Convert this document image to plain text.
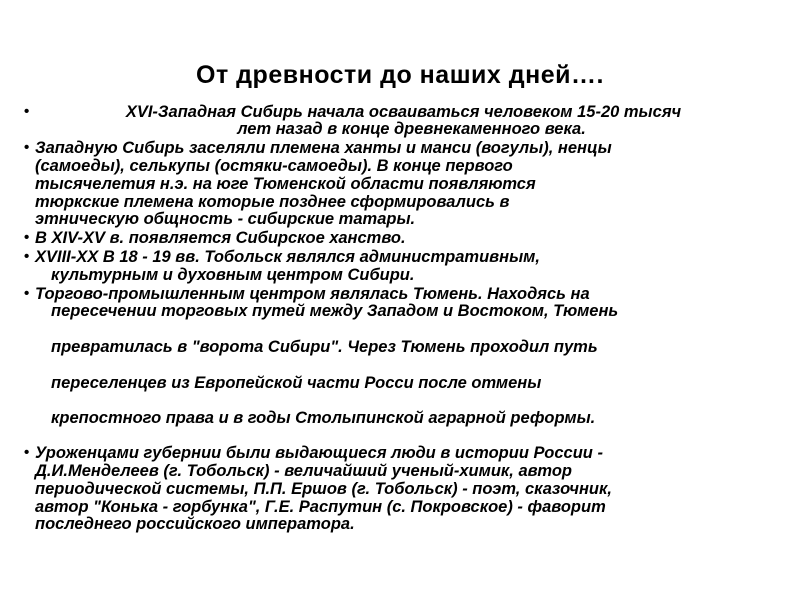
От древности до наших дней….
•	XVI-Западная Сибирь начала осваиваться человеком 15-20 тысяч

лет назад в конце древнекаменного века.
• Западную Сибирь заселяли племена ханты и манси (вогулы), ненцы
(самоеды), селькупы (остяки-самоеды). В конце первого
тысячелетия н.э. на юге Тюменской области появляются
тюркские племена которые позднее сформировались в
этническую общность - сибирские татары.
• В XIV-XV в. появляется Сибирское ханство.
• XVIII-XX В 18 - 19 вв. Тобольск являлся административным,

культурным и духовным центром Сибири.
• Торгово-промышленным центром являлась Тюмень. Находясь на

пересечении торговых путей между Западом и Востоком, Тюмень

превратилась в "ворота Сибири". Через Тюмень проходил путь

переселенцев из Европейской части Росси после отмены

крепостного права и в годы Столыпинской аграрной реформы.
• Уроженцами губернии были выдающиеся люди в истории России -
Д.И.Менделеев (г. Тобольск) - величайший ученый-химик, автор
периодической системы, П.П. Ершов (г. Тобольск) - поэт, сказочник,
автор "Конька - горбунка", Г.Е. Распутин (с. Покровское) - фаворит
последнего российского императора.
